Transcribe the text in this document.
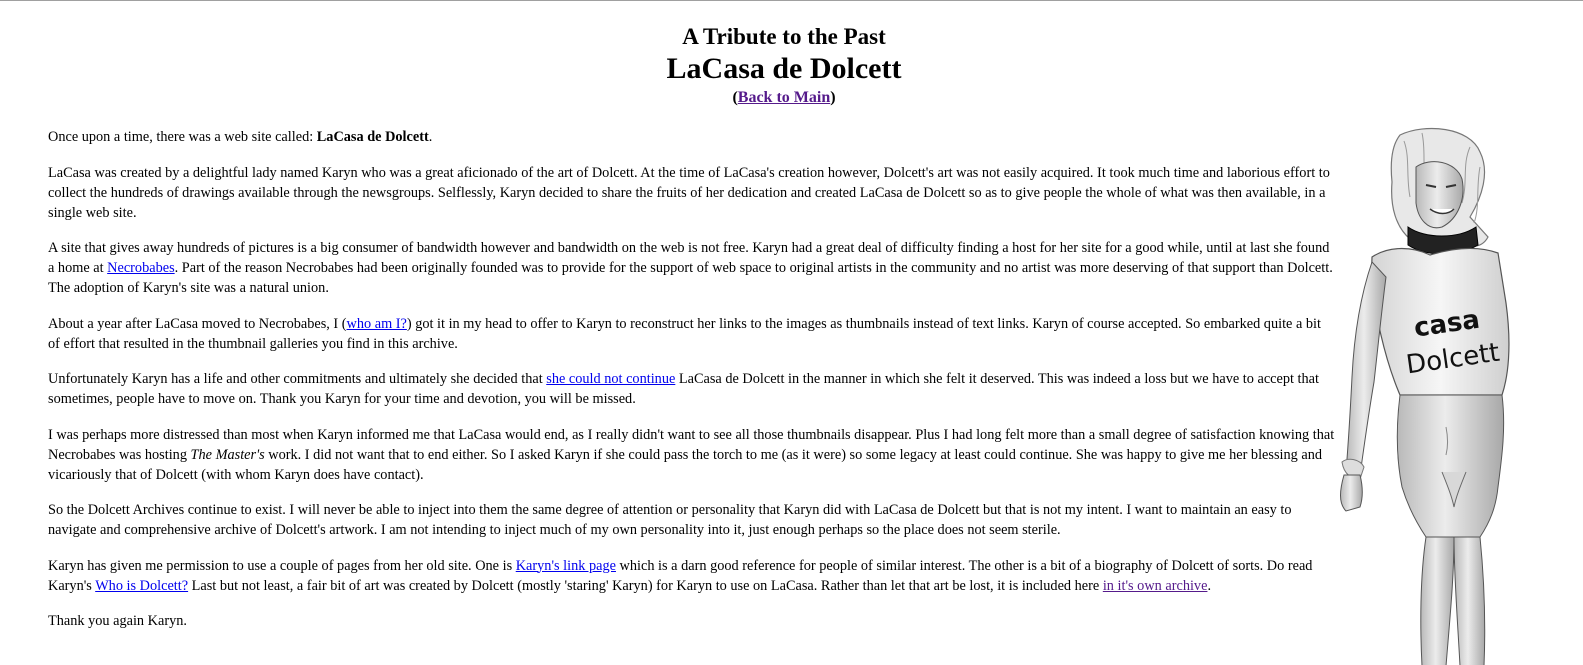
A Tribute to the Past
LaCasa de Dolcett
(Back to Main)

Once upon a time, there was a web site called: LaCasa de Dolcett.

LaCasa was created by a delightful lady named Karyn who was a great aficionado of the art of Dolcett. At the time of LaCasa's creation however, Dolcett's art was not easily acquired. It took much time and laborious effort to collect the hundreds of drawings available through the newsgroups. Selflessly, Karyn decided to share the fruits of her dedication and created LaCasa de Dolcett so as to give people the whole of what was then available, in a single web site.

A site that gives away hundreds of pictures is a big consumer of bandwidth however and bandwidth on the web is not free. Karyn had a great deal of difficulty finding a host for her site for a good while, until at last she found a home at Necrobabes. Part of the reason Necrobabes had been originally founded was to provide for the support of web space to original artists in the community and no artist was more deserving of that support than Dolcett. The adoption of Karyn's site was a natural union.

About a year after LaCasa moved to Necrobabes, I (who am I?) got it in my head to offer to Karyn to reconstruct her links to the images as thumbnails instead of text links. Karyn of course accepted. So embarked quite a bit of effort that resulted in the thumbnail galleries you find in this archive.

Unfortunately Karyn has a life and other commitments and ultimately she decided that she could not continue LaCasa de Dolcett in the manner in which she felt it deserved. This was indeed a loss but we have to accept that sometimes, people have to move on. Thank you Karyn for your time and devotion, you will be missed.

I was perhaps more distressed than most when Karyn informed me that LaCasa would end, as I really didn't want to see all those thumbnails disappear. Plus I had long felt more than a small degree of satisfaction knowing that Necrobabes was hosting The Master's work. I did not want that to end either. So I asked Karyn if she could pass the torch to me (as it were) so some legacy at least could continue. She was happy to give me her blessing and vicariously that of Dolcett (with whom Karyn does have contact).

So the Dolcett Archives continue to exist. I will never be able to inject into them the same degree of attention or personality that Karyn did with LaCasa de Dolcett but that is not my intent. I want to maintain an easy to navigate and comprehensive archive of Dolcett's artwork. I am not intending to inject much of my own personality into it, just enough perhaps so the place does not seem sterile.

Karyn has given me permission to use a couple of pages from her old site. One is Karyn's link page which is a darn good reference for people of similar interest. The other is a bit of a biography of Dolcett of sorts. Do read Karyn's Who is Dolcett? Last but not least, a fair bit of art was created by Dolcett (mostly 'staring' Karyn) for Karyn to use on LaCasa. Rather than let that art be lost, it is included here in it's own archive.

Thank you again Karyn.

casa
Dolcett
